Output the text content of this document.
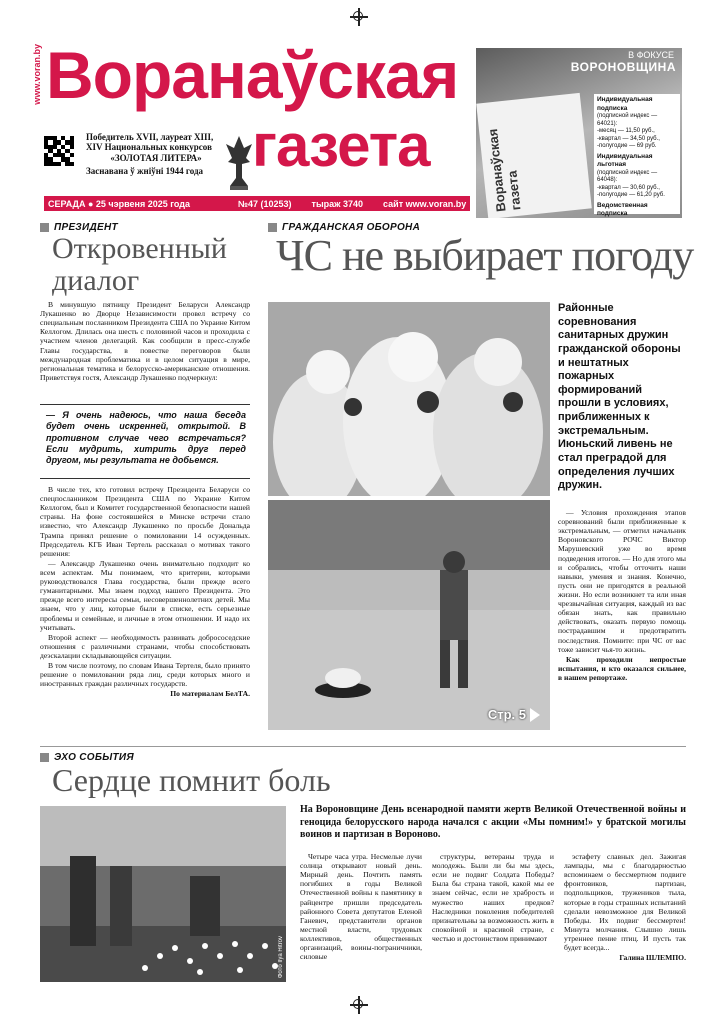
www.voran.by Воранаўская
газета
Победитель XVII, лауреат XIII,
XIV Национальных конкурсов
«ЗОЛОТАЯ ЛИТЕРА»
Заснавана ў жніўні 1944 года
В ФОКУСЕ
ВОРОНОВЩИНА
Воранаўская газета
Индивидуальная подписка
(подписной индекс — 64021):
-месяц — 11,50 руб.,
-квартал — 34,50 руб.,
-полугодие — 69 руб.
Индивидуальная льготная
(подписной индекс — 64048):
-квартал — 30,60 руб.,
-полугодие — 61,20 руб.
Ведомственная подписка

СЕРАДА ● 25 чэрвеня 2025 года	№47 (10253) тыраж 3740 сайт www.voran.by
ПРЕЗИДЕНТ
Откровенный
диалог

В минувшую пятницу Президент Беларуси Александр Лукашенко во Дворце Независимости провел встречу со специальным посланником Президента США по Украине Китом Келлогом. Длилась она шесть с половиной часов и проходила с участием членов делегаций. Как сообщили в пресс-службе Главы государства, в повестке переговоров были международная проблематика и в целом ситуация в мире, региональная тематика и белорусско-американские отношения. Приветствуя гостя, Александр Лукашенко подчеркнул:

— Я очень надеюсь, что наша беседа будет очень искренней, открытой. В противном случае чего встречаться? Если мудрить, хитрить друг перед другом, мы результата не добьемся.

В числе тех, кто готовил встречу Президента Беларуси со спецпосланником Президента США по Украине Китом Келлогом, был и Комитет государственной безопасности нашей страны. На фоне состоявшейся в Минске встречи стало известно, что Александр Лукашенко по просьбе Дональда Трампа принял решение о помиловании 14 осужденных. Председатель КГБ Иван Тертель рассказал о мотивах такого решения:

— Александр Лукашенко очень внимательно подходит ко всем аспектам. Мы понимаем, что критерии, которыми руководствовался Глава государства, были прежде всего гуманитарными. Мы знаем подход нашего Президента. Это прежде всего интересы семьи, несовершеннолетних детей. Мы знаем, что у лиц, которые были в списке, есть серьезные проблемы и семейные, и личные в этом отношении. И надо их учитывать.

Второй аспект — необходимость развивать добрососедские отношения с различными странами, чтобы способствовать деэскалации складывающейся ситуации.

В том числе поэтому, по словам Ивана Тертеля, было принято решение о помиловании ряда лиц, среди которых много и иностранных граждан различных государств.

По материалам БелТА.
ГРАЖДАНСКАЯ ОБОРОНА
ЧС не выбирает погоду
Стр. 5
Районные соревнования санитарных дружин гражданской обороны и нештатных пожарных формирований прошли в условиях, приближенных к экстремальным. Июньский ливень не стал преградой для определения лучших дружин.

— Условия прохождения этапов соревнований были приближенные к экстремальным, — отметил начальник Вороновского РОЧС Виктор Марушевский уже во время подведения итогов. — Но для этого мы и собрались, чтобы отточить наши навыки, умения и знания. Конечно, пусть они не пригодятся в реальной жизни. Но если возникнет та или иная чрезвычайная ситуация, каждый из вас обязан знать, как правильно действовать, оказать первую помощь пострадавшим и предотвратить последствия. Помните: при ЧС от вас тоже зависит чья-то жизнь.

Как проходили непростые испытания, и кто оказался сильнее, в нашем репортаже.

ЭХО СОБЫТИЯ
Сердце помнит боль
Фото Ilya Hitrov
На Вороновщине День всенародной памяти жертв Великой Отечественной войны и геноцида белорусского народа начался с акции «Мы помним!» у братской могилы воинов и партизан в Вороново.

Четыре часа утра. Несмелые лучи солнца открывают новый день. Мирный день. Почтить память погибших в годы Великой Отечественной войны к памятнику в райцентре пришли председатель районного Совета депутатов Еленой Ганевич, представители органов местной власти, трудовых коллективов, общественных организаций, воины-пограничники, силовые

структуры, ветераны труда и молодежь. Были ли бы мы здесь, если не подвиг Солдата Победы? Была бы страна такой, какой мы ее знаем сейчас, если не храбрость и мужество наших предков? Наследники поколения победителей признательны за возможность жить в спокойной и красивой стране, с честью и достоинством принимают

эстафету славных дел. Зажигая лампады, мы с благодарностью вспоминаем о бессмертном подвиге фронтовиков, партизан, подпольщиков, тружеников тыла, которые в годы страшных испытаний сделали невозможное для Великой Победы. Их подвиг бессмертен! Минута молчания. Слышно лишь утреннее пение птиц. И пусть так будет всегда...

Галина ШЛЕМПО.
